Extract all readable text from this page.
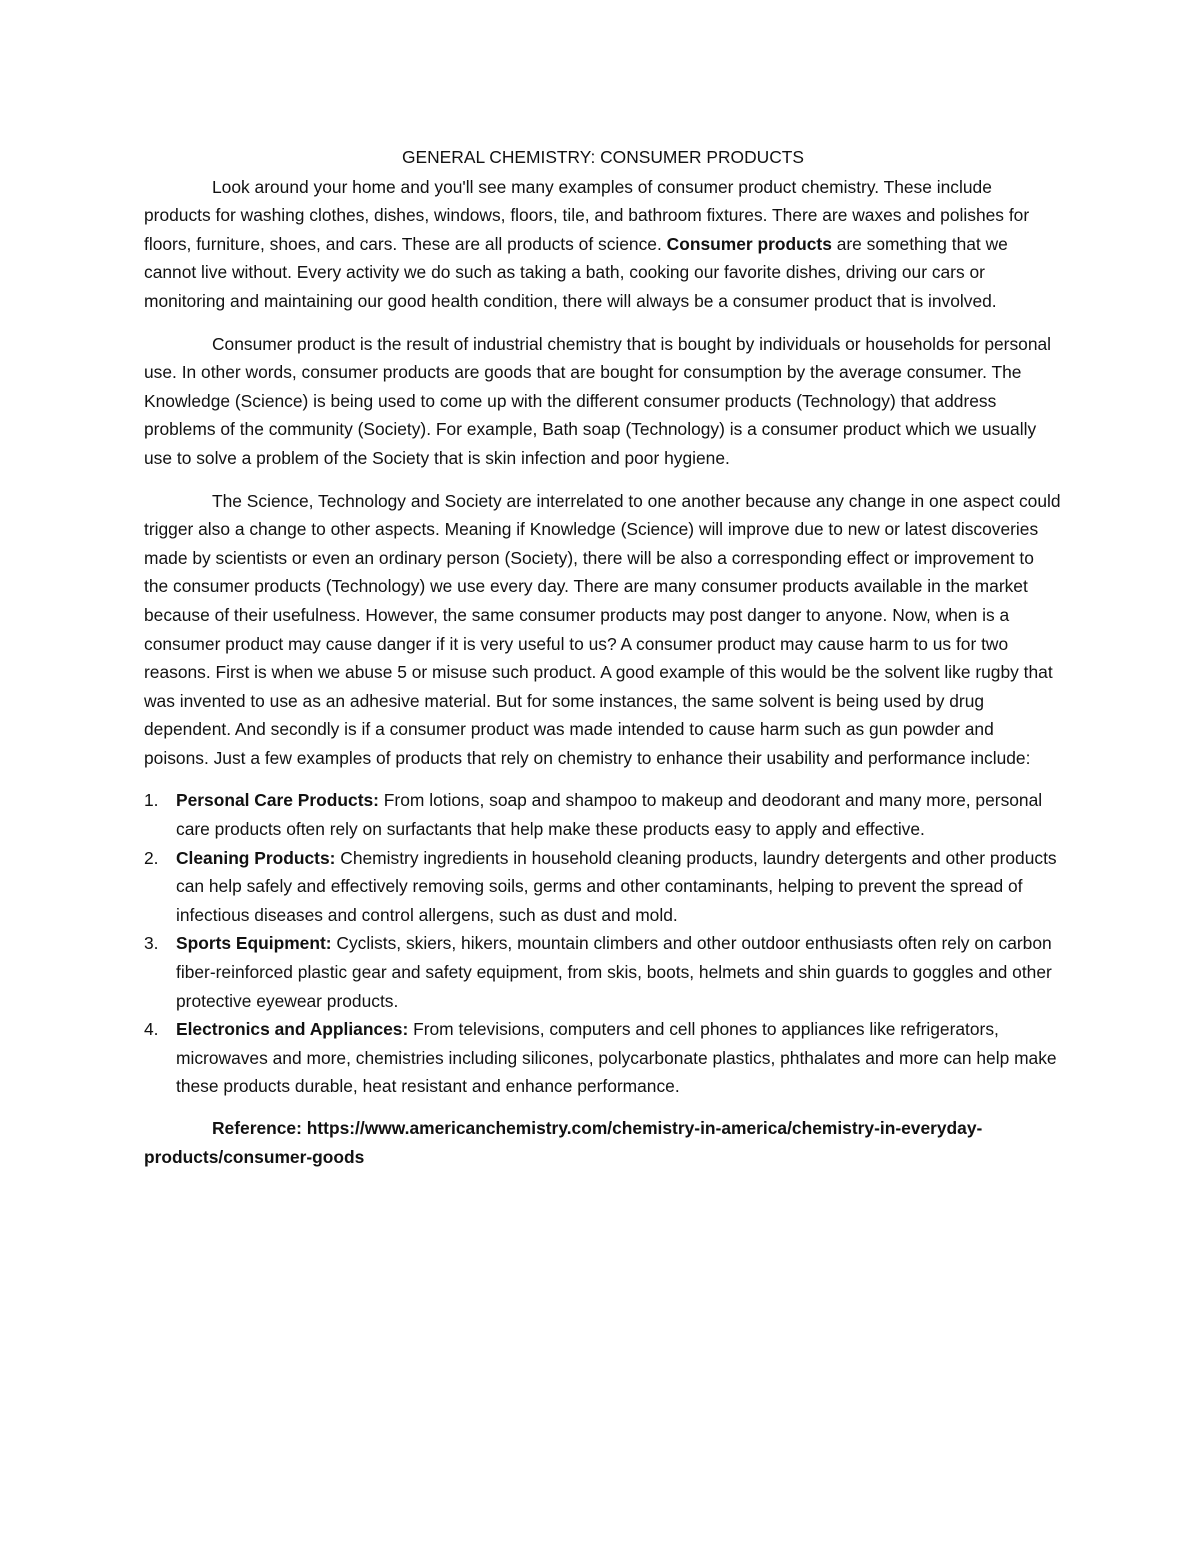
GENERAL CHEMISTRY: CONSUMER PRODUCTS

Look around your home and you'll see many examples of consumer product chemistry. These include products for washing clothes, dishes, windows, floors, tile, and bathroom fixtures. There are waxes and polishes for floors, furniture, shoes, and cars. These are all products of science. Consumer products are something that we cannot live without. Every activity we do such as taking a bath, cooking our favorite dishes, driving our cars or monitoring and maintaining our good health condition, there will always be a consumer product that is involved.

Consumer product is the result of industrial chemistry that is bought by individuals or households for personal use. In other words, consumer products are goods that are bought for consumption by the average consumer. The Knowledge (Science) is being used to come up with the different consumer products (Technology) that address problems of the community (Society). For example, Bath soap (Technology) is a consumer product which we usually use to solve a problem of the Society that is skin infection and poor hygiene.

The Science, Technology and Society are interrelated to one another because any change in one aspect could trigger also a change to other aspects. Meaning if Knowledge (Science) will improve due to new or latest discoveries made by scientists or even an ordinary person (Society), there will be also a corresponding effect or improvement to the consumer products (Technology) we use every day. There are many consumer products available in the market because of their usefulness. However, the same consumer products may post danger to anyone. Now, when is a consumer product may cause danger if it is very useful to us? A consumer product may cause harm to us for two reasons. First is when we abuse 5 or misuse such product. A good example of this would be the solvent like rugby that was invented to use as an adhesive material. But for some instances, the same solvent is being used by drug dependent. And secondly is if a consumer product was made intended to cause harm such as gun powder and poisons. Just a few examples of products that rely on chemistry to enhance their usability and performance include:

1.	Personal Care Products: From lotions, soap and shampoo to makeup and deodorant and many more, personal care products often rely on surfactants that help make these products easy to apply and effective.
2.	Cleaning Products: Chemistry ingredients in household cleaning products, laundry detergents and other products can help safely and effectively removing soils, germs and other contaminants, helping to prevent the spread of infectious diseases and control allergens, such as dust and mold.
3.	Sports Equipment: Cyclists, skiers, hikers, mountain climbers and other outdoor enthusiasts often rely on carbon fiber-reinforced plastic gear and safety equipment, from skis, boots, helmets and shin guards to goggles and other protective eyewear products.
4.	Electronics and Appliances: From televisions, computers and cell phones to appliances like refrigerators, microwaves and more, chemistries including silicones, polycarbonate plastics, phthalates and more can help make these products durable, heat resistant and enhance performance.

Reference: https://www.americanchemistry.com/chemistry-in-america/chemistry-in-everyday-products/consumer-goods
